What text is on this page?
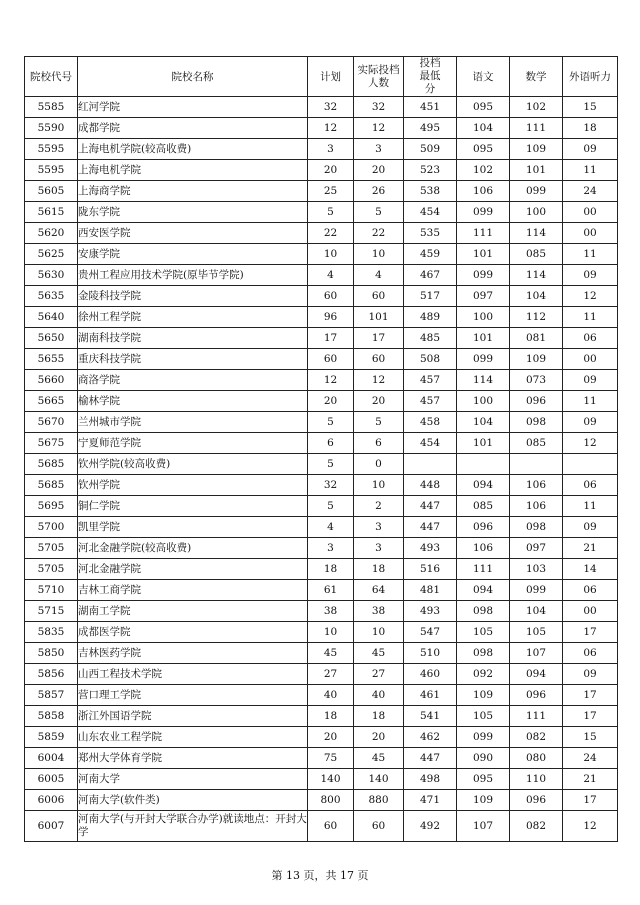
院校代号	院校名称	计划	实际投档人数	投档最低分	语文	数学	外语听力
5585	红河学院	32	32	451	095	102	15
5590	成都学院	12	12	495	104	111	18
5595	上海电机学院(较高收费)	3	3	509	095	109	09
5595	上海电机学院	20	20	523	102	101	11
5605	上海商学院	25	26	538	106	099	24
5615	陇东学院	5	5	454	099	100	00
5620	西安医学院	22	22	535	111	114	00
5625	安康学院	10	10	459	101	085	11
5630	贵州工程应用技术学院(原毕节学院)	4	4	467	099	114	09
5635	金陵科技学院	60	60	517	097	104	12
5640	徐州工程学院	96	101	489	100	112	11
5650	湖南科技学院	17	17	485	101	081	06
5655	重庆科技学院	60	60	508	099	109	00
5660	商洛学院	12	12	457	114	073	09
5665	榆林学院	20	20	457	100	096	11
5670	兰州城市学院	5	5	458	104	098	09
5675	宁夏师范学院	6	6	454	101	085	12
5685	钦州学院(较高收费)	5	0				
5685	钦州学院	32	10	448	094	106	06
5695	铜仁学院	5	2	447	085	106	11
5700	凯里学院	4	3	447	096	098	09
5705	河北金融学院(较高收费)	3	3	493	106	097	21
5705	河北金融学院	18	18	516	111	103	14
5710	吉林工商学院	61	64	481	094	099	06
5715	湖南工学院	38	38	493	098	104	00
5835	成都医学院	10	10	547	105	105	17
5850	吉林医药学院	45	45	510	098	107	06
5856	山西工程技术学院	27	27	460	092	094	09
5857	营口理工学院	40	40	461	109	096	17
5858	浙江外国语学院	18	18	541	105	111	17
5859	山东农业工程学院	20	20	462	099	082	15
6004	郑州大学体育学院	75	45	447	090	080	24
6005	河南大学	140	140	498	095	110	21
6006	河南大学(软件类)	800	880	471	109	096	17
6007	河南大学(与开封大学联合办学)就读地点：开封大学	60	60	492	107	082	12
第 13 页，共 17 页
